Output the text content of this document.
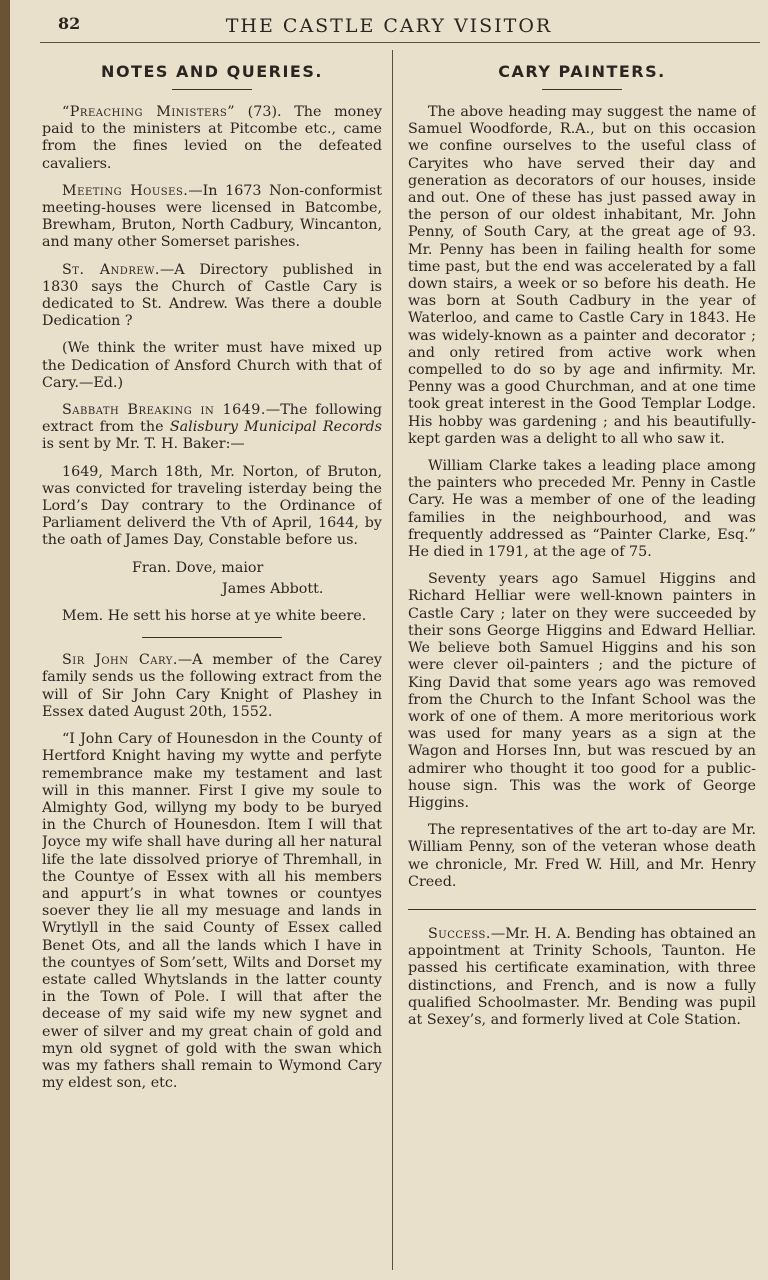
82	THE CASTLE CARY VISITOR
NOTES AND QUERIES.

“Preaching Ministers” (73). The money paid to the ministers at Pitcombe etc., came from the fines levied on the defeated cavaliers.

Meeting Houses.—In 1673 Non-conformist meeting-houses were licensed in Batcombe, Brewham, Bruton, North Cadbury, Wincanton, and many other Somerset parishes.

St. Andrew.—A Directory published in 1830 says the Church of Castle Cary is dedicated to St. Andrew. Was there a double Dedication ?

(We think the writer must have mixed up the Dedication of Ansford Church with that of Cary.—Ed.)

Sabbath Breaking in 1649.—The following extract from the Salisbury Municipal Records is sent by Mr. T. H. Baker:—

1649, March 18th, Mr. Norton, of Bruton, was convicted for traveling isterday being the Lord’s Day contrary to the Ordinance of Parliament deliverd the Vth of April, 1644, by the oath of James Day, Constable before us.

Fran. Dove, maior

James Abbott.

Mem. He sett his horse at ye white beere.

Sir John Cary.—A member of the Carey family sends us the following extract from the will of Sir John Cary Knight of Plashey in Essex dated August 20th, 1552.

“I John Cary of Hounesdon in the County of Hertford Knight having my wytte and perfyte remembrance make my testament and last will in this manner. First I give my soule to Almighty God, willyng my body to be buryed in the Church of Hounesdon. Item I will that Joyce my wife shall have during all her natural life the late dissolved priorye of Thremhall, in the Countye of Essex with all his members and appurt’s in what townes or countyes soever they lie all my mesuage and lands in Wrytlyll in the said County of Essex called Benet Ots, and all the lands which I have in the countyes of Som’sett, Wilts and Dorset my estate called Whytslands in the latter county in the Town of Pole. I will that after the decease of my said wife my new sygnet and ewer of silver and my great chain of gold and myn old sygnet of gold with the swan which was my fathers shall remain to Wymond Cary my eldest son, etc.

CARY PAINTERS.

The above heading may suggest the name of Samuel Woodforde, R.A., but on this occasion we confine ourselves to the useful class of Caryites who have served their day and generation as decorators of our houses, inside and out. One of these has just passed away in the person of our oldest inhabitant, Mr. John Penny, of South Cary, at the great age of 93. Mr. Penny has been in failing health for some time past, but the end was accelerated by a fall down stairs, a week or so before his death. He was born at South Cadbury in the year of Waterloo, and came to Castle Cary in 1843. He was widely-known as a painter and decorator ; and only retired from active work when compelled to do so by age and infirmity. Mr. Penny was a good Churchman, and at one time took great interest in the Good Templar Lodge. His hobby was gardening ; and his beautifully-kept garden was a delight to all who saw it.

William Clarke takes a leading place among the painters who preceded Mr. Penny in Castle Cary. He was a member of one of the leading families in the neighbourhood, and was frequently addressed as “Painter Clarke, Esq.” He died in 1791, at the age of 75.

Seventy years ago Samuel Higgins and Richard Helliar were well-known painters in Castle Cary ; later on they were succeeded by their sons George Higgins and Edward Helliar. We believe both Samuel Higgins and his son were clever oil-painters ; and the picture of King David that some years ago was removed from the Church to the Infant School was the work of one of them. A more meritorious work was used for many years as a sign at the Wagon and Horses Inn, but was rescued by an admirer who thought it too good for a public-house sign. This was the work of George Higgins.

The representatives of the art to-day are Mr. William Penny, son of the veteran whose death we chronicle, Mr. Fred W. Hill, and Mr. Henry Creed.

Success.—Mr. H. A. Bending has obtained an appointment at Trinity Schools, Taunton. He passed his certificate examination, with three distinctions, and French, and is now a fully qualified Schoolmaster. Mr. Bending was pupil at Sexey’s, and formerly lived at Cole Station.
